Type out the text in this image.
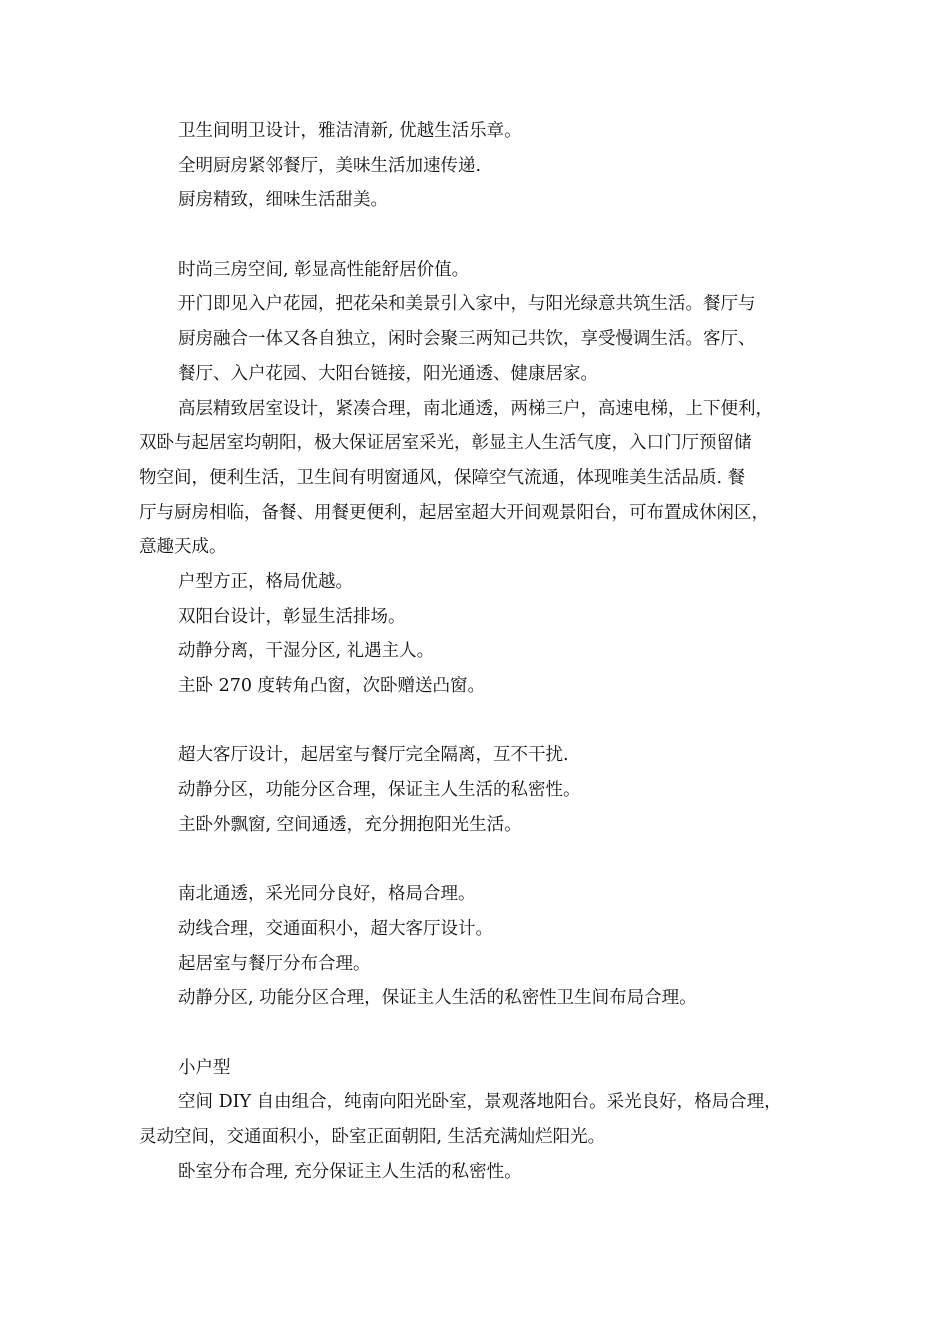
卫生间明卫设计，雅洁清新, 优越生活乐章。
全明厨房紧邻餐厅，美味生活加速传递.
厨房精致，细味生活甜美。
时尚三房空间, 彰显高性能舒居价值。
开门即见入户花园，把花朵和美景引入家中，与阳光绿意共筑生活。餐厅与
厨房融合一体又各自独立，闲时会聚三两知己共饮，享受慢调生活。客厅、
餐厅、入户花园、大阳台链接，阳光通透、健康居家。
高层精致居室设计，紧凑合理，南北通透，两梯三户，高速电梯，上下便利，
双卧与起居室均朝阳，极大保证居室采光，彰显主人生活气度，入口门厅预留储
物空间，便利生活，卫生间有明窗通风，保障空气流通，体现唯美生活品质. 餐
厅与厨房相临，备餐、用餐更便利，起居室超大开间观景阳台，可布置成休闲区，
意趣天成。
户型方正，格局优越。
双阳台设计，彰显生活排场。
动静分离，干湿分区, 礼遇主人。
主卧 270 度转角凸窗，次卧赠送凸窗。
超大客厅设计，起居室与餐厅完全隔离，互不干扰.
动静分区，功能分区合理，保证主人生活的私密性。
主卧外飘窗, 空间通透，充分拥抱阳光生活。
南北通透，采光同分良好，格局合理。
动线合理，交通面积小，超大客厅设计。
起居室与餐厅分布合理。
动静分区, 功能分区合理，保证主人生活的私密性卫生间布局合理。
小户型
空间 DIY 自由组合，纯南向阳光卧室，景观落地阳台。采光良好，格局合理，
灵动空间，交通面积小，卧室正面朝阳, 生活充满灿烂阳光。
卧室分布合理, 充分保证主人生活的私密性。
